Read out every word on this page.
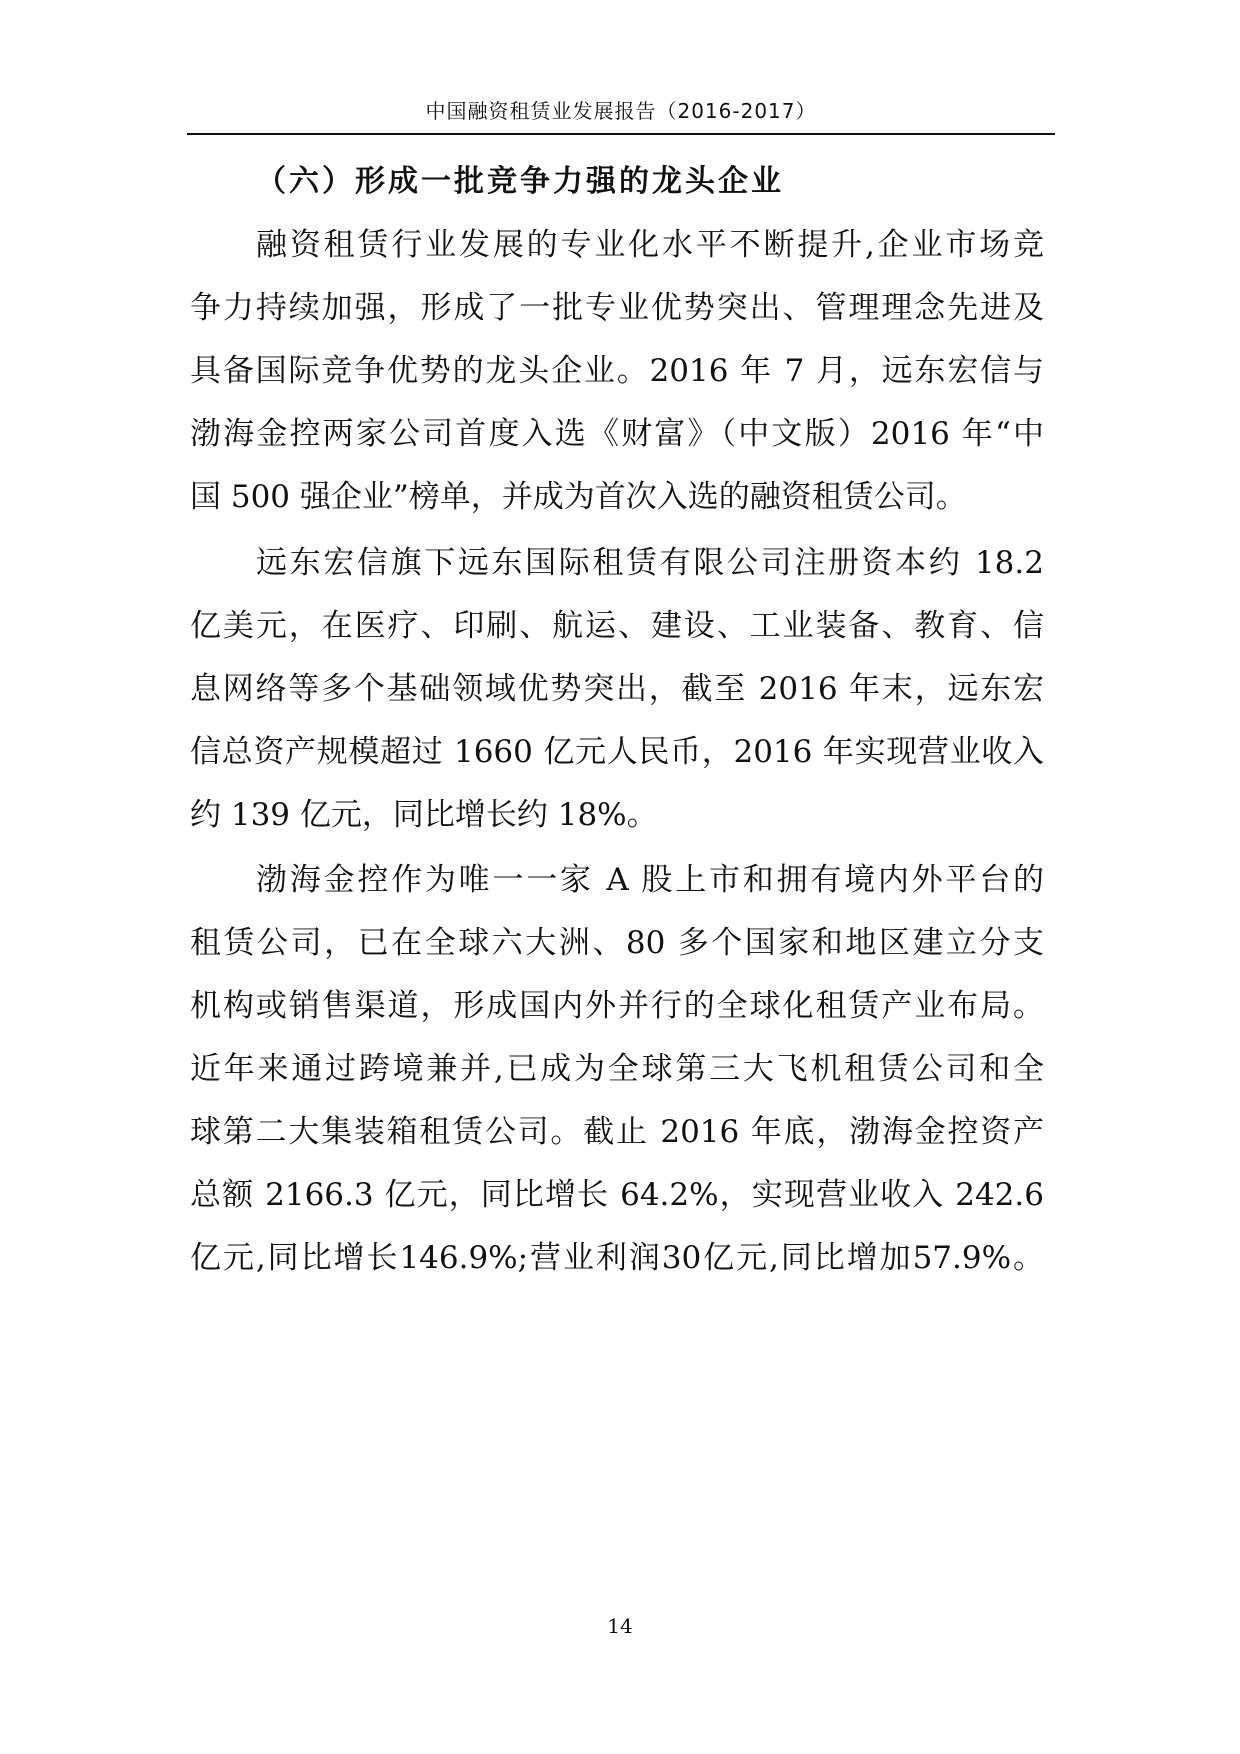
中国融资租赁业发展报告（2016-2017）
（六）形成一批竞争力强的龙头企业
融资租赁行业发展的专业化水平不断提升,企业市场竞
争力持续加强，形成了一批专业优势突出、管理理念先进及
具备国际竞争优势的龙头企业。2016 年 7 月，远东宏信与
渤海金控两家公司首度入选《财富》（中文版）2016 年“中
国 500 强企业”榜单，并成为首次入选的融资租赁公司。
远东宏信旗下远东国际租赁有限公司注册资本约 18.2
亿美元，在医疗、印刷、航运、建设、工业装备、教育、信
息网络等多个基础领域优势突出，截至 2016 年末，远东宏
信总资产规模超过 1660 亿元人民币，2016 年实现营业收入
约 139 亿元，同比增长约 18%。
渤海金控作为唯一一家 A 股上市和拥有境内外平台的
租赁公司，已在全球六大洲、80 多个国家和地区建立分支
机构或销售渠道，形成国内外并行的全球化租赁产业布局。
近年来通过跨境兼并,已成为全球第三大飞机租赁公司和全
球第二大集装箱租赁公司。截止 2016 年底，渤海金控资产
总额 2166.3 亿元，同比增长 64.2%，实现营业收入 242.6
亿元,同比增长146.9%;营业利润30亿元,同比增加57.9%。
14
